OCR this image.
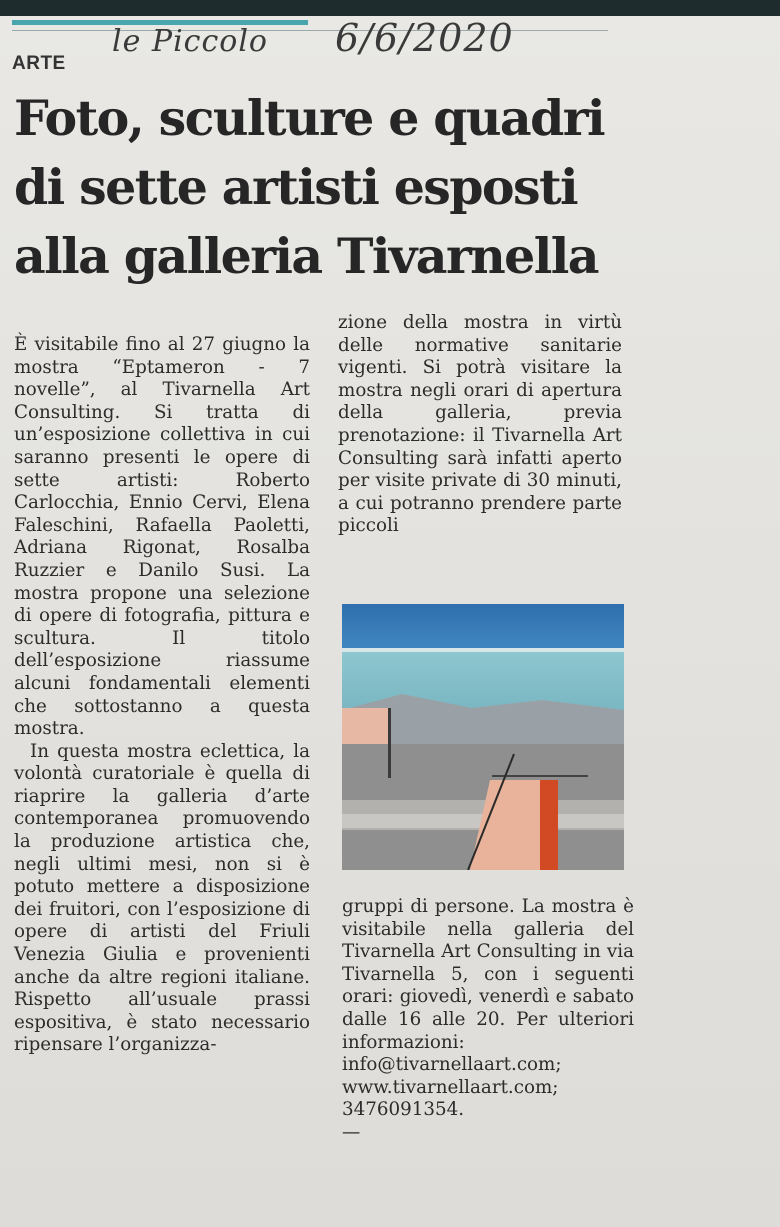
ARTE
le Piccolo 6/6/2020
Foto, sculture e quadri
di sette artisti esposti
alla galleria Tivarnella

È visitabile fino al 27 giugno la mostra “Eptameron - 7 novelle”, al Tivarnella Art Consulting. Si tratta di un’esposizione collettiva in cui saranno presenti le opere di sette artisti: Roberto Carlocchia, Ennio Cervi, Elena Faleschini, Rafaella Paoletti, Adriana Rigonat, Rosalba Ruzzier e Danilo Susi. La mostra propone una selezione di opere di fotografia, pittura e scultura. Il titolo dell’esposizione riassume alcuni fondamentali elementi che sottostanno a questa mostra.

In questa mostra eclettica, la volontà curatoriale è quella di riaprire la galleria d’arte contemporanea promuovendo la produzione artistica che, negli ultimi mesi, non si è potuto mettere a disposizione dei fruitori, con l’esposizione di opere di artisti del Friuli Venezia Giulia e provenienti anche da altre regioni italiane. Rispetto all’usuale prassi espositiva, è stato necessario ripensare l’organizza-

zione della mostra in virtù delle normative sanitarie vigenti. Si potrà visitare la mostra negli orari di apertura della galleria, previa prenotazione: il Tivarnella Art Consulting sarà infatti aperto per visite private di 30 minuti, a cui potranno prendere parte piccoli

gruppi di persone. La mostra è visitabile nella galleria del Tivarnella Art Consulting in via Tivarnella 5, con i seguenti orari: giovedì, venerdì e sabato dalle 16 alle 20. Per ulteriori informazioni: info@tivarnellaart.com; www.tivarnellaart.com; 3476091354.

—
